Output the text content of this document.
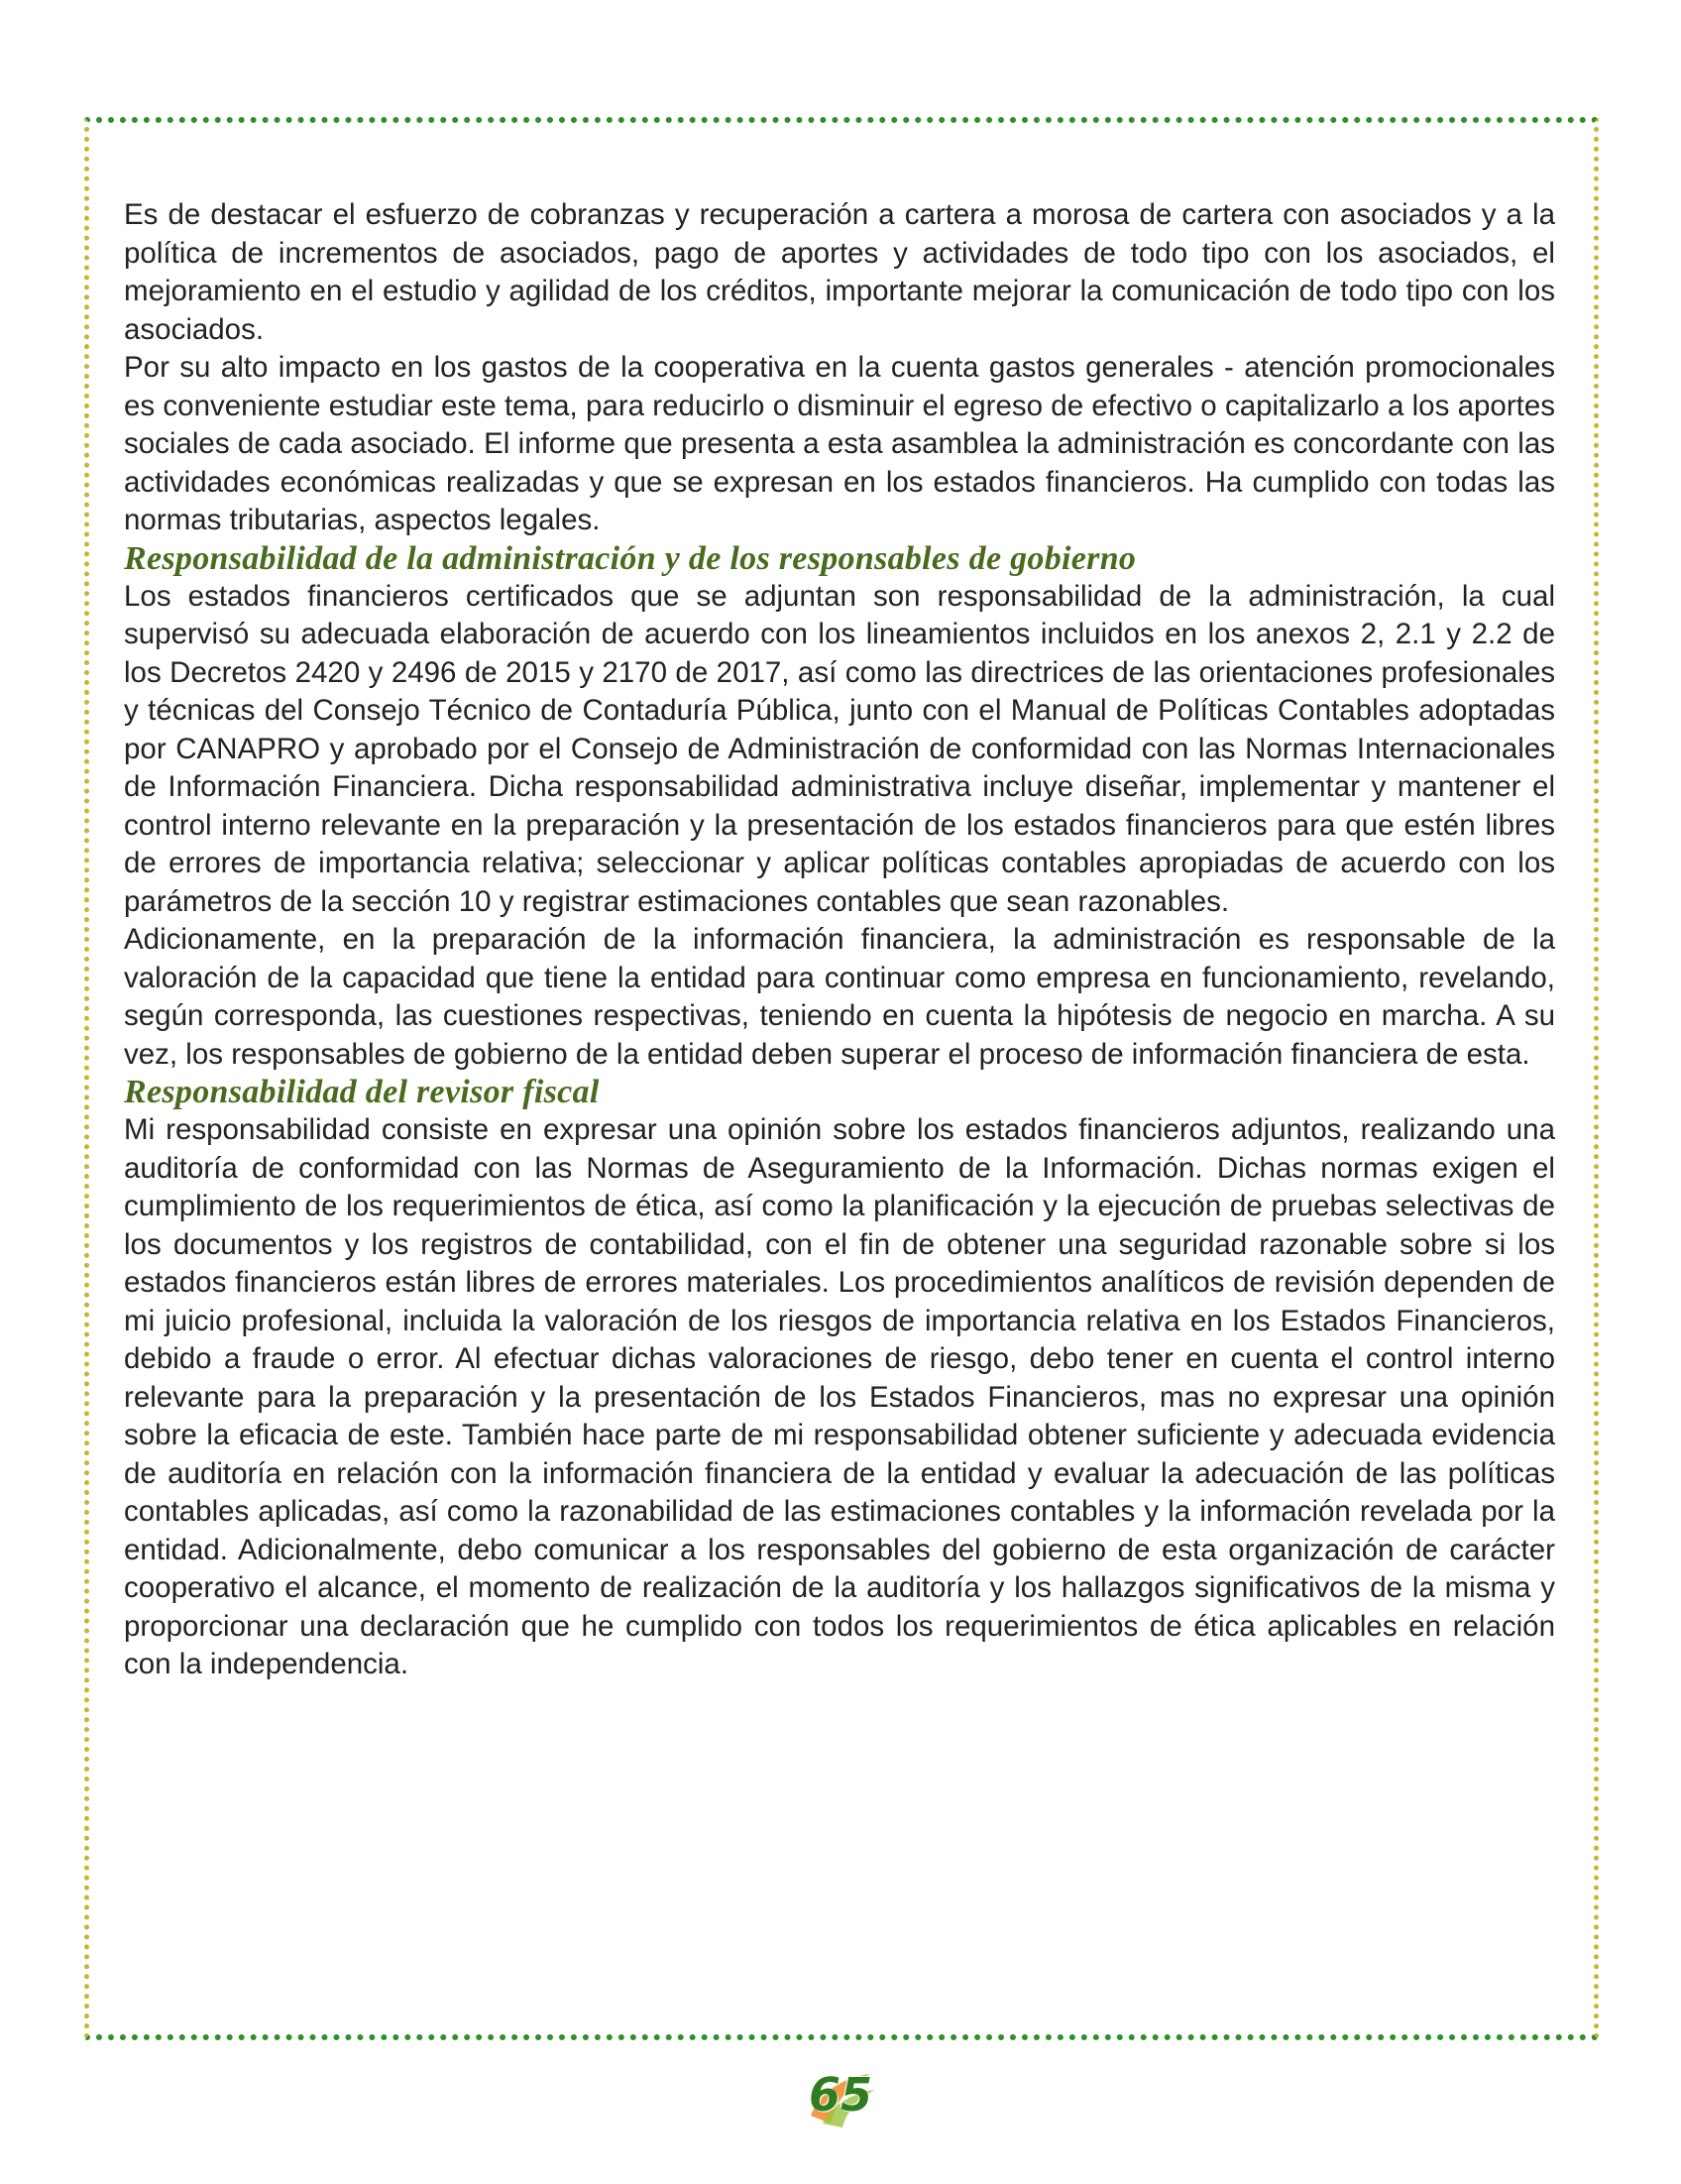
Es de destacar el esfuerzo de cobranzas y recuperación a cartera a morosa de cartera con asociados y a la política de incrementos de asociados, pago de aportes y actividades de todo tipo con los asociados, el mejoramiento en el estudio y agilidad de los créditos, importante mejorar la comunicación de todo tipo con los asociados.

Por su alto impacto en los gastos de la cooperativa en la cuenta gastos generales - atención promocionales es conveniente estudiar este tema, para reducirlo o disminuir el egreso de efectivo o capitalizarlo a los aportes sociales de cada asociado. El informe que presenta a esta asamblea la administración es concordante con las actividades económicas realizadas y que se expresan en los estados financieros. Ha cumplido con todas las normas tributarias, aspectos legales.

Responsabilidad de la administración y de los responsables de gobierno

Los estados financieros certificados que se adjuntan son responsabilidad de la administración, la cual supervisó su adecuada elaboración de acuerdo con los lineamientos incluidos en los anexos 2, 2.1 y 2.2 de los Decretos 2420 y 2496 de 2015 y 2170 de 2017, así como las directrices de las orientaciones profesionales y técnicas del Consejo Técnico de Contaduría Pública, junto con el Manual de Políticas Contables adoptadas por CANAPRO y aprobado por el Consejo de Administración de conformidad con las Normas Internacionales de Información Financiera. Dicha responsabilidad administrativa incluye diseñar, implementar y mantener el control interno relevante en la preparación y la presentación de los estados financieros para que estén libres de errores de importancia relativa; seleccionar y aplicar políticas contables apropiadas de acuerdo con los parámetros de la sección 10 y registrar estimaciones contables que sean razonables.

Adicionamente, en la preparación de la información financiera, la administración es responsable de la valoración de la capacidad que tiene la entidad para continuar como empresa en funcionamiento, revelando, según corresponda, las cuestiones respectivas, teniendo en cuenta la hipótesis de negocio en marcha. A su vez, los responsables de gobierno de la entidad deben superar el proceso de información financiera de esta.

Responsabilidad del revisor fiscal

Mi responsabilidad consiste en expresar una opinión sobre los estados financieros adjuntos, realizando una auditoría de conformidad con las Normas de Aseguramiento de la Información. Dichas normas exigen el cumplimiento de los requerimientos de ética, así como la planificación y la ejecución de pruebas selectivas de los documentos y los registros de contabilidad, con el fin de obtener una seguridad razonable sobre si los estados financieros están libres de errores materiales. Los procedimientos analíticos de revisión dependen de mi juicio profesional, incluida la valoración de los riesgos de importancia relativa en los Estados Financieros, debido a fraude o error. Al efectuar dichas valoraciones de riesgo, debo tener en cuenta el control interno relevante para la preparación y la presentación de los Estados Financieros, mas no expresar una opinión sobre la eficacia de este. También hace parte de mi responsabilidad obtener suficiente y adecuada evidencia de auditoría en relación con la información financiera de la entidad y evaluar la adecuación de las políticas contables aplicadas, así como la razonabilidad de las estimaciones contables y la información revelada por la entidad. Adicionalmente, debo comunicar a los responsables del gobierno de esta organización de carácter cooperativo el alcance, el momento de realización de la auditoría y los hallazgos significativos de la misma y proporcionar una declaración que he cumplido con todos los requerimientos de ética aplicables en relación con la independencia.

65
